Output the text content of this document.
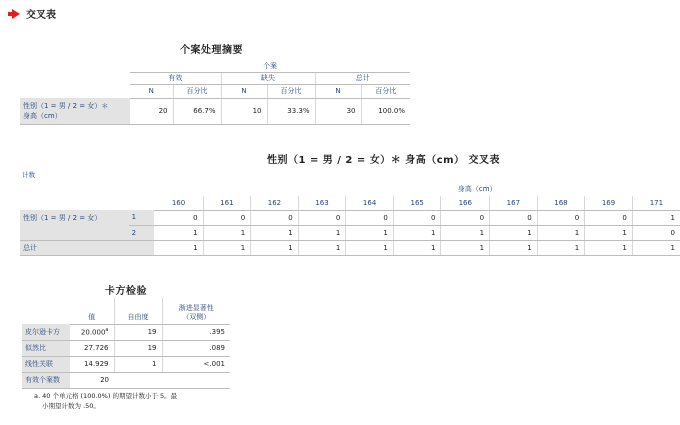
交叉表
个案处理摘要
	个案					
	有效		缺失		总计	
	N	百分比	N	百分比	N	百分比

性别（1 = 男 / 2 = 女）＊
身高（cm）	20	66.7%	10	33.3%	30	100.0%
性别（1 = 男 / 2 = 女）＊ 身高（cm） 交叉表
计数
		身高（cm）										
		160	161	162	163	164	165	166	167	168	169	171
性别（1 = 男 / 2 = 女）	1	0	0	0	0	0	0	0	0	0	0	1
	2	1	1	1	1	1	1	1	1	1	1	0
总计		1	1	1	1	1	1	1	1	1	1	1
卡方检验
	值	自由度	渐进显著性
（双侧）

皮尔逊卡方	20.000$^a$	19	.395
似然比	27.726	19	.089
线性关联	14.929	1	<.001
有效个案数	20		
a. 40 个单元格 (100.0%) 的期望计数小于 5。最
小期望计数为 .50。
